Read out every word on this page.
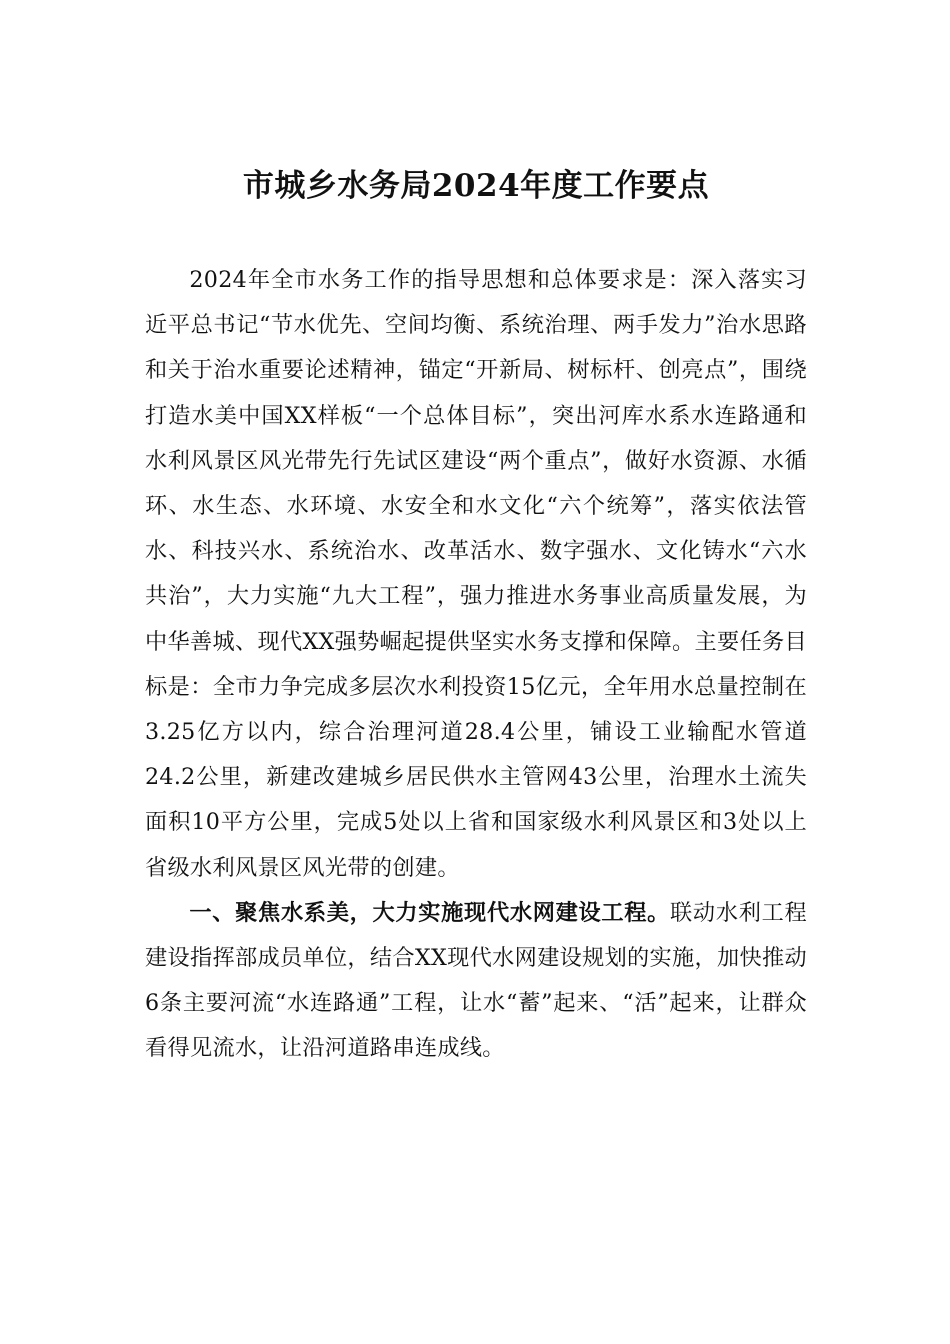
市城乡水务局2024年度工作要点

2024年全市水务工作的指导思想和总体要求是：深入落实习近平总书记“节水优先、空间均衡、系统治理、两手发力”治水思路和关于治水重要论述精神，锚定“开新局、树标杆、创亮点”，围绕打造水美中国XX样板“一个总体目标”，突出河库水系水连路通和水利风景区风光带先行先试区建设“两个重点”，做好水资源、水循环、水生态、水环境、水安全和水文化“六个统筹”，落实依法管水、科技兴水、系统治水、改革活水、数字强水、文化铸水“六水共治”，大力实施“九大工程”，强力推进水务事业高质量发展，为中华善城、现代XX强势崛起提供坚实水务支撑和保障。主要任务目标是：全市力争完成多层次水利投资15亿元，全年用水总量控制在3.25亿方以内，综合治理河道28.4公里，铺设工业输配水管道24.2公里，新建改建城乡居民供水主管网43公里，治理水土流失面积10平方公里，完成5处以上省和国家级水利风景区和3处以上省级水利风景区风光带的创建。

一、聚焦水系美，大力实施现代水网建设工程。联动水利工程建设指挥部成员单位，结合XX现代水网建设规划的实施，加快推动6条主要河流“水连路通”工程，让水“蓄”起来、“活”起来，让群众看得见流水，让沿河道路串连成线。
